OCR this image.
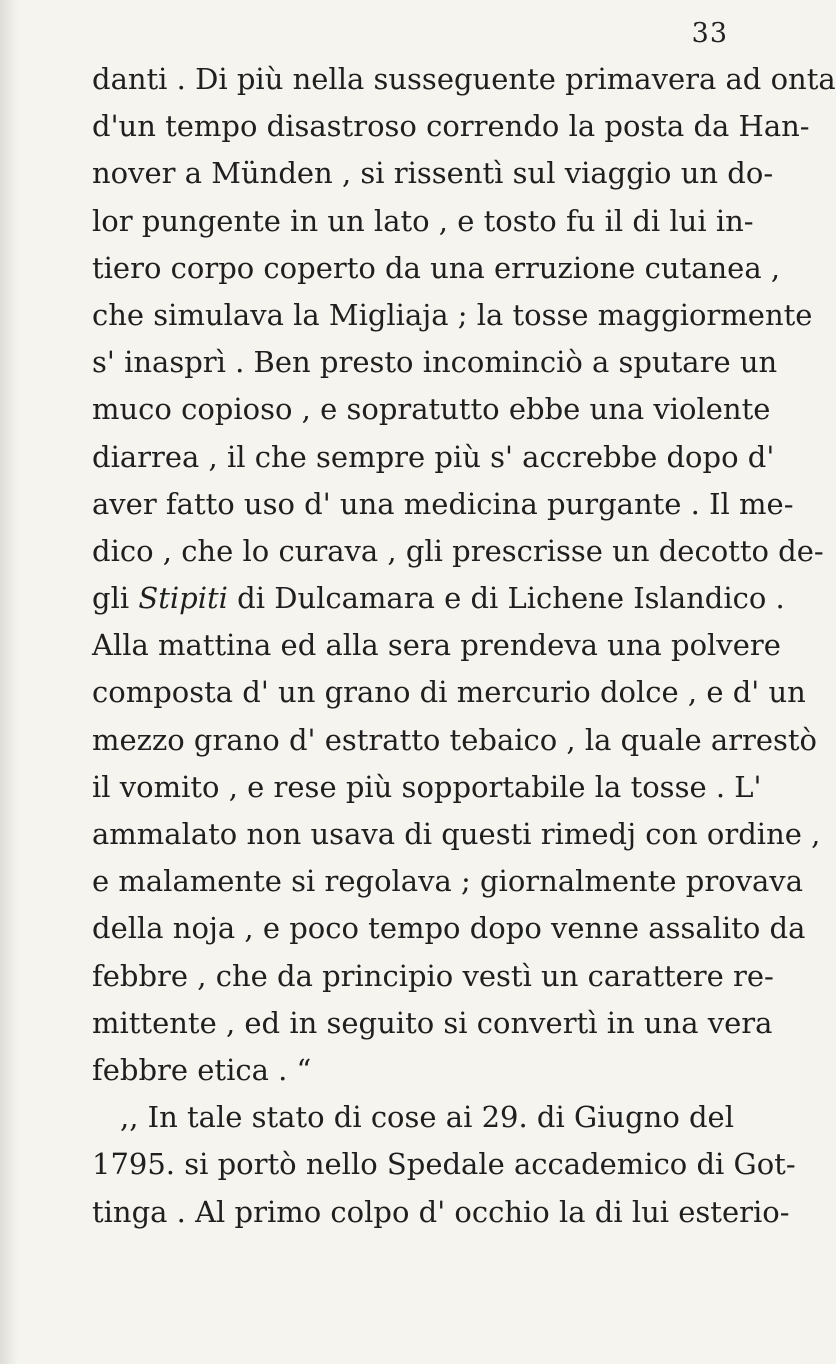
33
danti . Di più nella susseguente primavera ad onta
d'un tempo disastroso correndo la posta da Han-
nover a Münden , si rissentì sul viaggio un do-
lor pungente in un lato , e tosto fu il di lui in-
tiero corpo coperto da una erruzione cutanea ,
che simulava la Migliaja ; la tosse maggiormente
s' inasprì . Ben presto incominciò a sputare un
muco copioso , e sopratutto ebbe una violente
diarrea , il che sempre più s' accrebbe dopo d'
aver fatto uso d' una medicina purgante . Il me-
dico , che lo curava , gli prescrisse un decotto de-
gli Stipiti di Dulcamara e di Lichene Islandico .
Alla mattina ed alla sera prendeva una polvere
composta d' un grano di mercurio dolce , e d' un
mezzo grano d' estratto tebaico , la quale arrestò
il vomito , e rese più sopportabile la tosse . L'
ammalato non usava di questi rimedj con ordine ,
e malamente si regolava ; giornalmente provava
della noja , e poco tempo dopo venne assalito da
febbre , che da principio vestì un carattere re-
mittente , ed in seguito si convertì in una vera
febbre etica . “
,, In tale stato di cose ai 29. di Giugno del
1795. si portò nello Spedale accademico di Got-
tinga . Al primo colpo d' occhio la di lui esterio-
